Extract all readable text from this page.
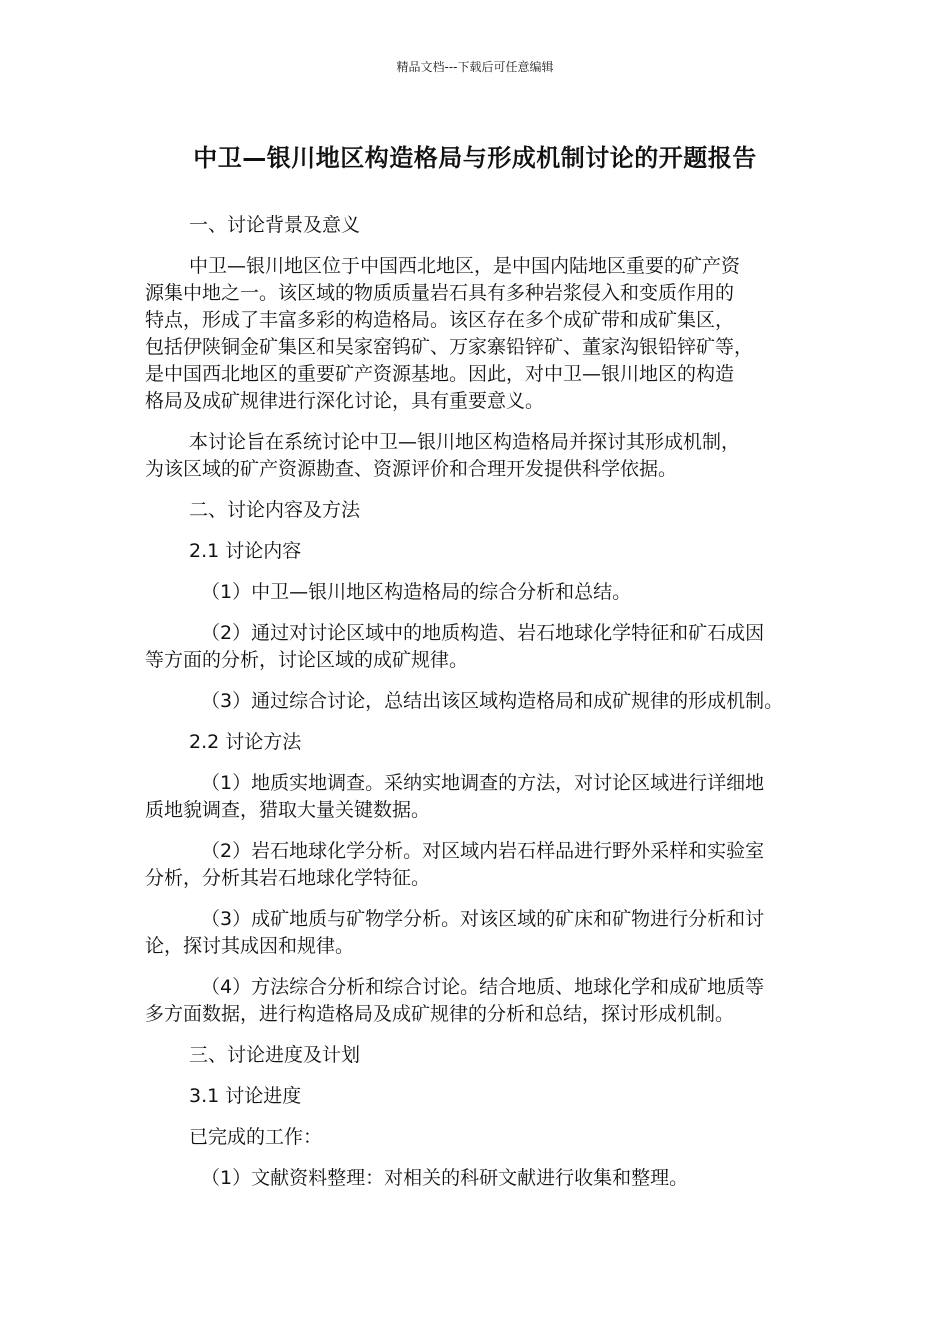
精品文档---下载后可任意编辑
中卫—银川地区构造格局与形成机制讨论的开题报告
一、讨论背景及意义
中卫—银川地区位于中国西北地区，是中国内陆地区重要的矿产资
源集中地之一。该区域的物质质量岩石具有多种岩浆侵入和变质作用的
特点，形成了丰富多彩的构造格局。该区存在多个成矿带和成矿集区，
包括伊陕铜金矿集区和吴家窑钨矿、万家寨铅锌矿、董家沟银铅锌矿等，
是中国西北地区的重要矿产资源基地。因此，对中卫—银川地区的构造
格局及成矿规律进行深化讨论，具有重要意义。
本讨论旨在系统讨论中卫—银川地区构造格局并探讨其形成机制，
为该区域的矿产资源勘查、资源评价和合理开发提供科学依据。
二、讨论内容及方法
2.1 讨论内容
（1）中卫—银川地区构造格局的综合分析和总结。
（2）通过对讨论区域中的地质构造、岩石地球化学特征和矿石成因
等方面的分析，讨论区域的成矿规律。
（3）通过综合讨论，总结出该区域构造格局和成矿规律的形成机制。
2.2 讨论方法
（1）地质实地调查。采纳实地调查的方法，对讨论区域进行详细地
质地貌调查，猎取大量关键数据。
（2）岩石地球化学分析。对区域内岩石样品进行野外采样和实验室
分析，分析其岩石地球化学特征。
（3）成矿地质与矿物学分析。对该区域的矿床和矿物进行分析和讨
论，探讨其成因和规律。
（4）方法综合分析和综合讨论。结合地质、地球化学和成矿地质等
多方面数据，进行构造格局及成矿规律的分析和总结，探讨形成机制。
三、讨论进度及计划
3.1 讨论进度
已完成的工作：
（1）文献资料整理：对相关的科研文献进行收集和整理。
